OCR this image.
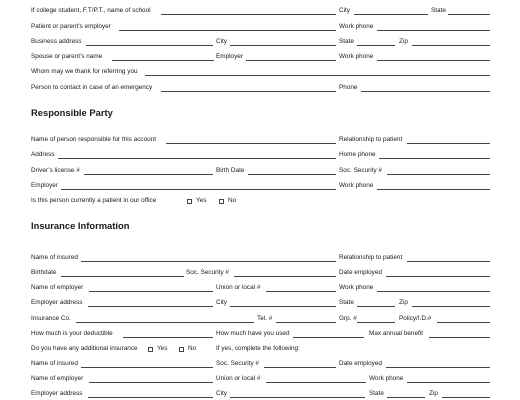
If college student, F.T/P.T., name of school	City	State
Patient or parent’s employer	Work phone
Business address	City	State	Zip
Spouse or parent’s name	Employer	Work phone
Whom may we thank for referring you
Person to contact in case of an emergency	Phone
Responsible Party
Name of person responsible for this account	Relationship to patient
Address	Home phone
Driver’s license #	Birth Date	Soc. Security #
Employer	Work phone
Is this person currently a patient in our office	Yes	No
Insurance Information
Name of insured	Relationship to patient
Birthdate	Soc. Security #	Date employed
Name of employer	Union or local #	Work phone
Employer address	City	State	Zip
Insurance Co.	Tel. #	Grp. #	Policy/I.D.#
How much is your deductible	How much have you used	Max annual benefit
Do you have any additional insurance	Yes	No	If yes, complete the following:
Name of insured	Soc. Security #	Date employed
Name of employer	Union or local #	Work phone
Employer address	City	State	Zip
